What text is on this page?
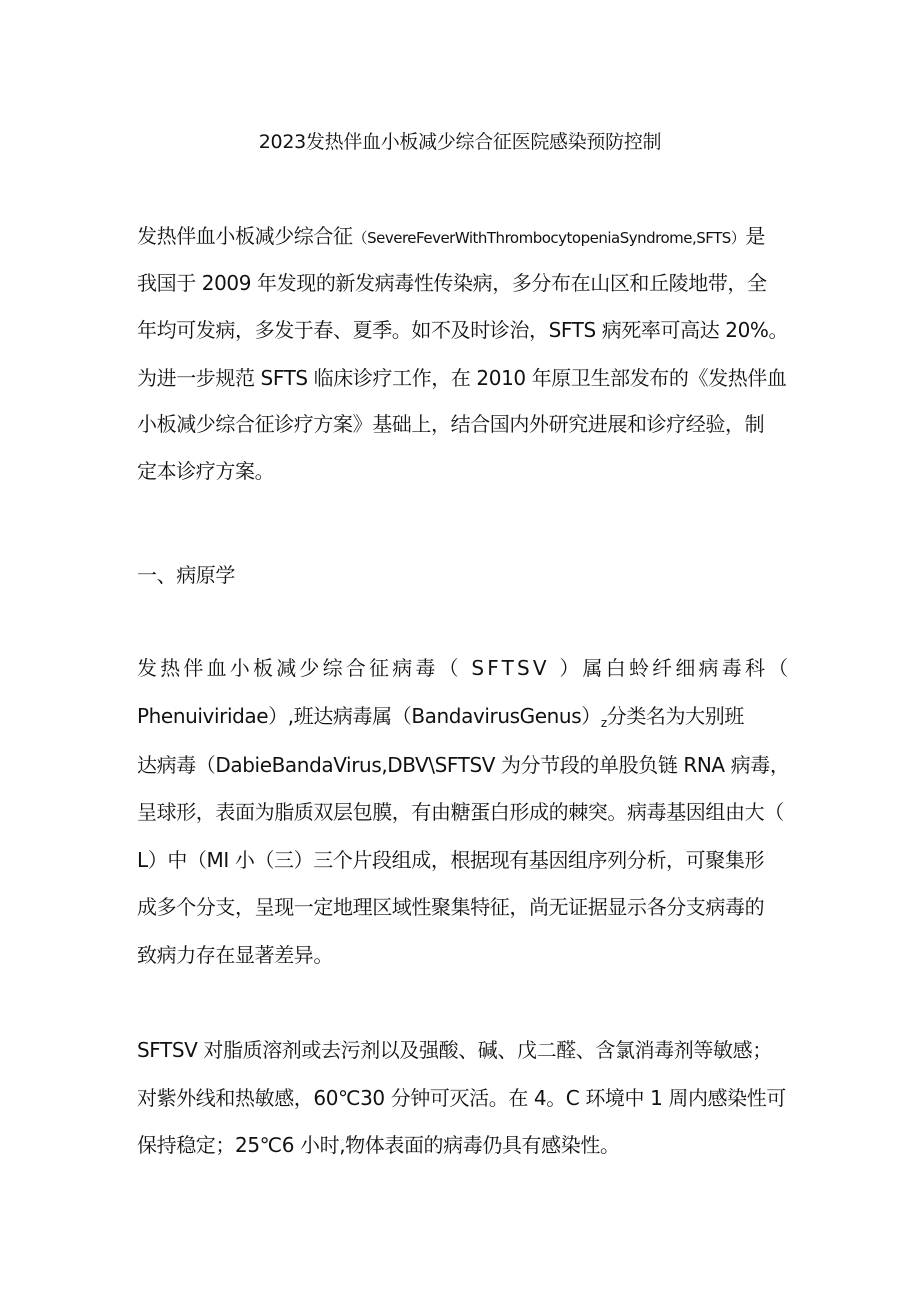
2023发热伴血小板减少综合征医院感染预防控制
发热伴血小板减少综合征（SevereFeverWithThrombocytopeniaSyndrome,SFTS）是
我国于 2009 年发现的新发病毒性传染病，多分布在山区和丘陵地带，全
年均可发病，多发于春、夏季。如不及时诊治，SFTS 病死率可高达 20%。
为进一步规范 SFTS 临床诊疗工作，在 2010 年原卫生部发布的《发热伴血
小板减少综合征诊疗方案》基础上，结合国内外研究进展和诊疗经验，制
定本诊疗方案。
一、病原学
发热伴血小板减少综合征病毒（ SFTSV ）属白蛉纤细病毒科（
Phenuiviridae）,班达病毒属$(BandavirusGenus)_z$分类名为大别班
达病毒（DabieBandaVirus,DBV\SFTSV 为分节段的单股负链 RNA 病毒，
呈球形，表面为脂质双层包膜，有由糖蛋白形成的棘突。病毒基因组由大（
L）中（MI 小（三）三个片段组成，根据现有基因组序列分析，可聚集形
成多个分支，呈现一定地理区域性聚集特征，尚无证据显示各分支病毒的
致病力存在显著差异。
SFTSV 对脂质溶剂或去污剂以及强酸、碱、戊二醛、含氯消毒剂等敏感；
对紫外线和热敏感，60℃30 分钟可灭活。在 4。C 环境中 1 周内感染性可
保持稳定；25℃6 小时,物体表面的病毒仍具有感染性。
